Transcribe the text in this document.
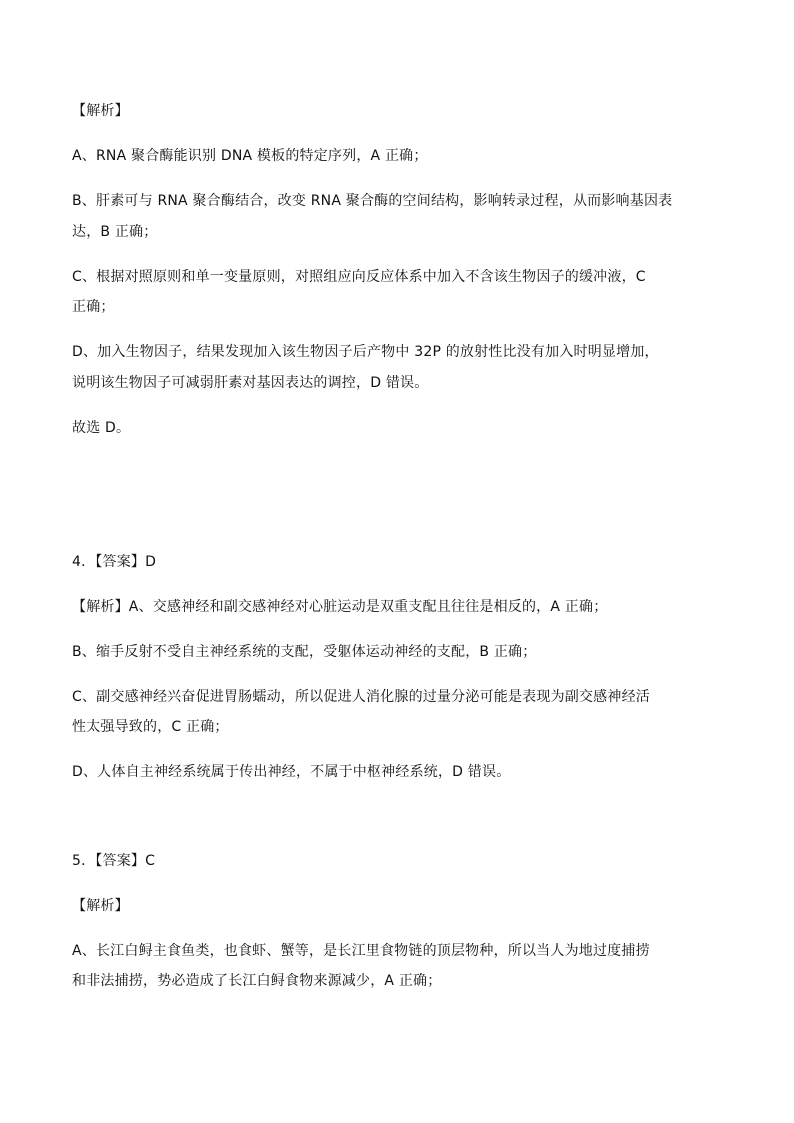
【解析】
A、RNA 聚合酶能识别 DNA 模板的特定序列，A 正确；
B、肝素可与 RNA 聚合酶结合，改变 RNA 聚合酶的空间结构，影响转录过程，从而影响基因表
达，B 正确；
C、根据对照原则和单一变量原则，对照组应向反应体系中加入不含该生物因子的缓冲液，C
正确；
D、加入生物因子，结果发现加入该生物因子后产物中 32P 的放射性比没有加入时明显增加，
说明该生物因子可减弱肝素对基因表达的调控，D 错误。
故选 D。
4．【答案】D
【解析】A、交感神经和副交感神经对心脏运动是双重支配且往往是相反的，A 正确；
B、缩手反射不受自主神经系统的支配，受躯体运动神经的支配，B 正确；
C、副交感神经兴奋促进胃肠蠕动，所以促进人消化腺的过量分泌可能是表现为副交感神经活
性太强导致的，C 正确；
D、人体自主神经系统属于传出神经，不属于中枢神经系统，D 错误。
5．【答案】C
【解析】
A、长江白鲟主食鱼类，也食虾、蟹等，是长江里食物链的顶层物种，所以当人为地过度捕捞
和非法捕捞，势必造成了长江白鲟食物来源减少，A 正确；
